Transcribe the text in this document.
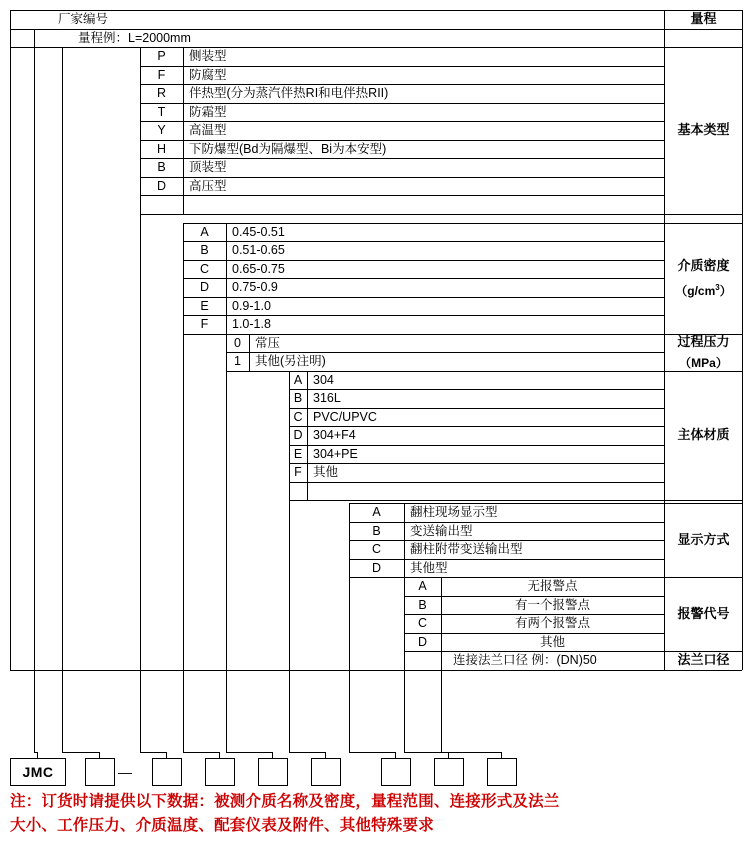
厂家编号
量程例：L=2000mm
量程
P	侧装型
F	防腐型
R	伴热型(分为蒸汽伴热RI和电伴热RII)
T	防霜型
Y	高温型
H	下防爆型(Bd为隔爆型、Bi为本安型)
B	顶装型
D	高压型
基本类型
A	0.45-0.51
B	0.51-0.65
C	0.65-0.75
D	0.75-0.9
E	0.9-1.0
F	1.0-1.8
介质密度
$(g/cm^3)$
0	常压
1	其他(另注明)
过程压力
（MPa）
A 304
B 316L
C PVC/UPVC
D 304+F4
E 304+PE
F 其他
主体材质
A	翻柱现场显示型
B	变送输出型
C	翻柱附带变送输出型
D	其他型
显示方式
A	无报警点
B	有一个报警点
C	有两个报警点
D	其他
报警代号
连接法兰口径 例：(DN)50	法兰口径
JMC	—
注：订货时请提供以下数据：被测介质名称及密度，量程范围、连接形式及法兰
大小、工作压力、介质温度、配套仪表及附件、其他特殊要求
